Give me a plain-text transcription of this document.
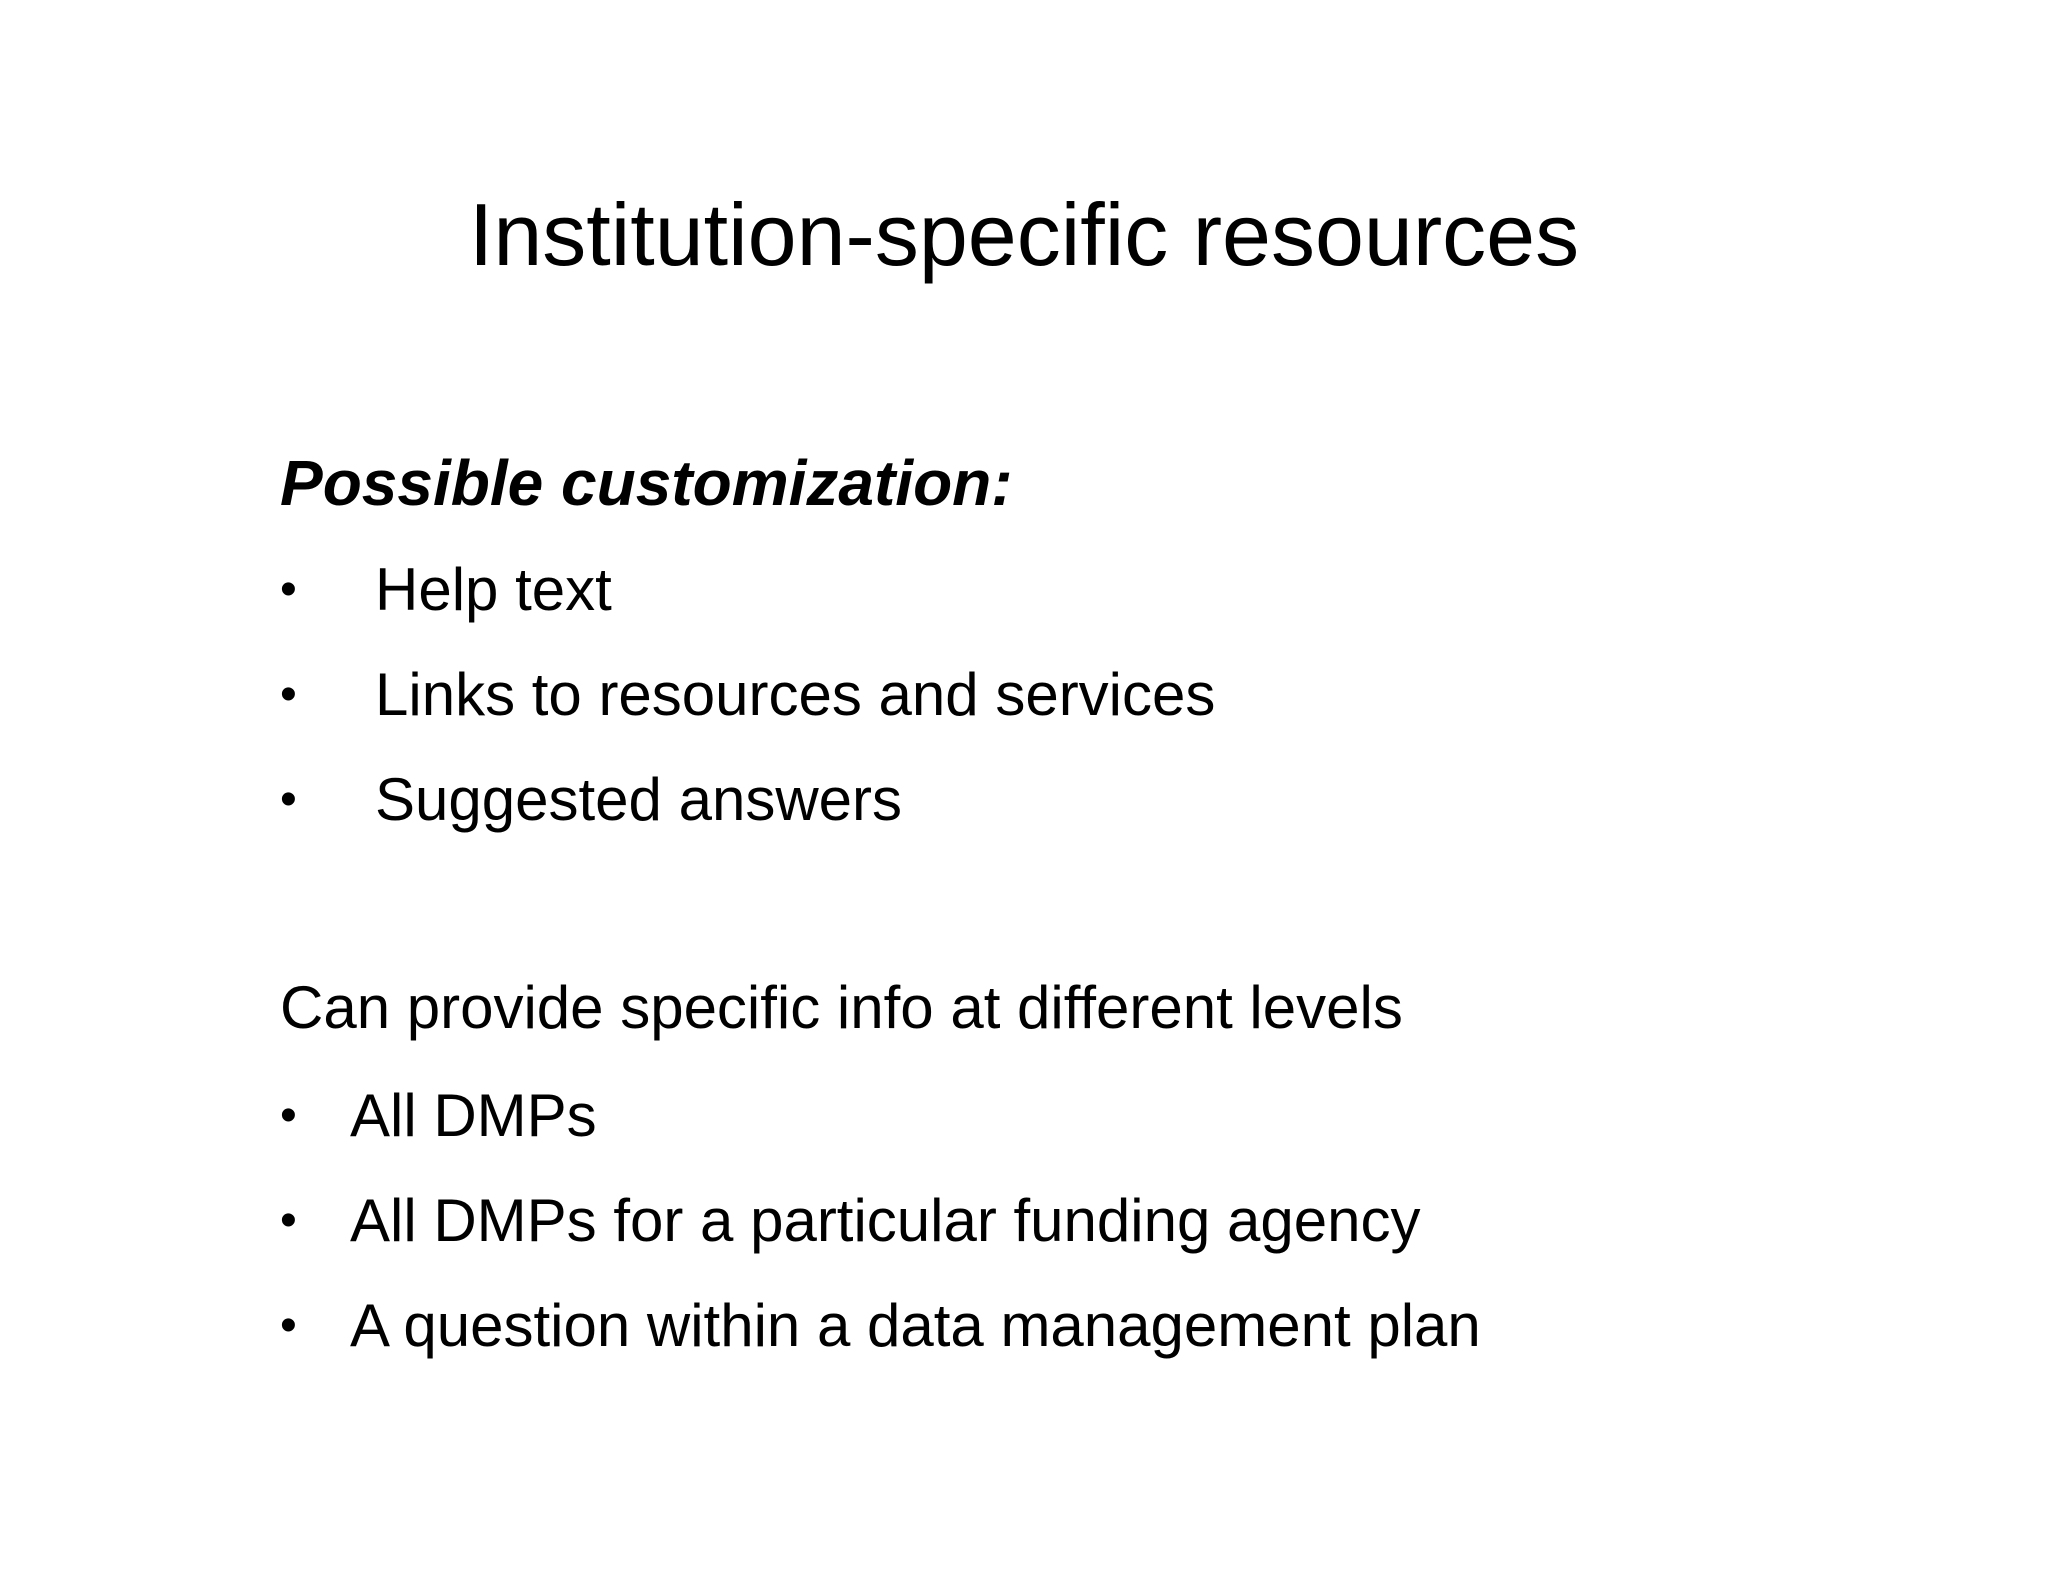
Institution-specific resources

Possible customization:

• Help text
• Links to resources and services
• Suggested answers

Can provide specific info at different levels

• All DMPs
• All DMPs for a particular funding agency
• A question within a data management plan
